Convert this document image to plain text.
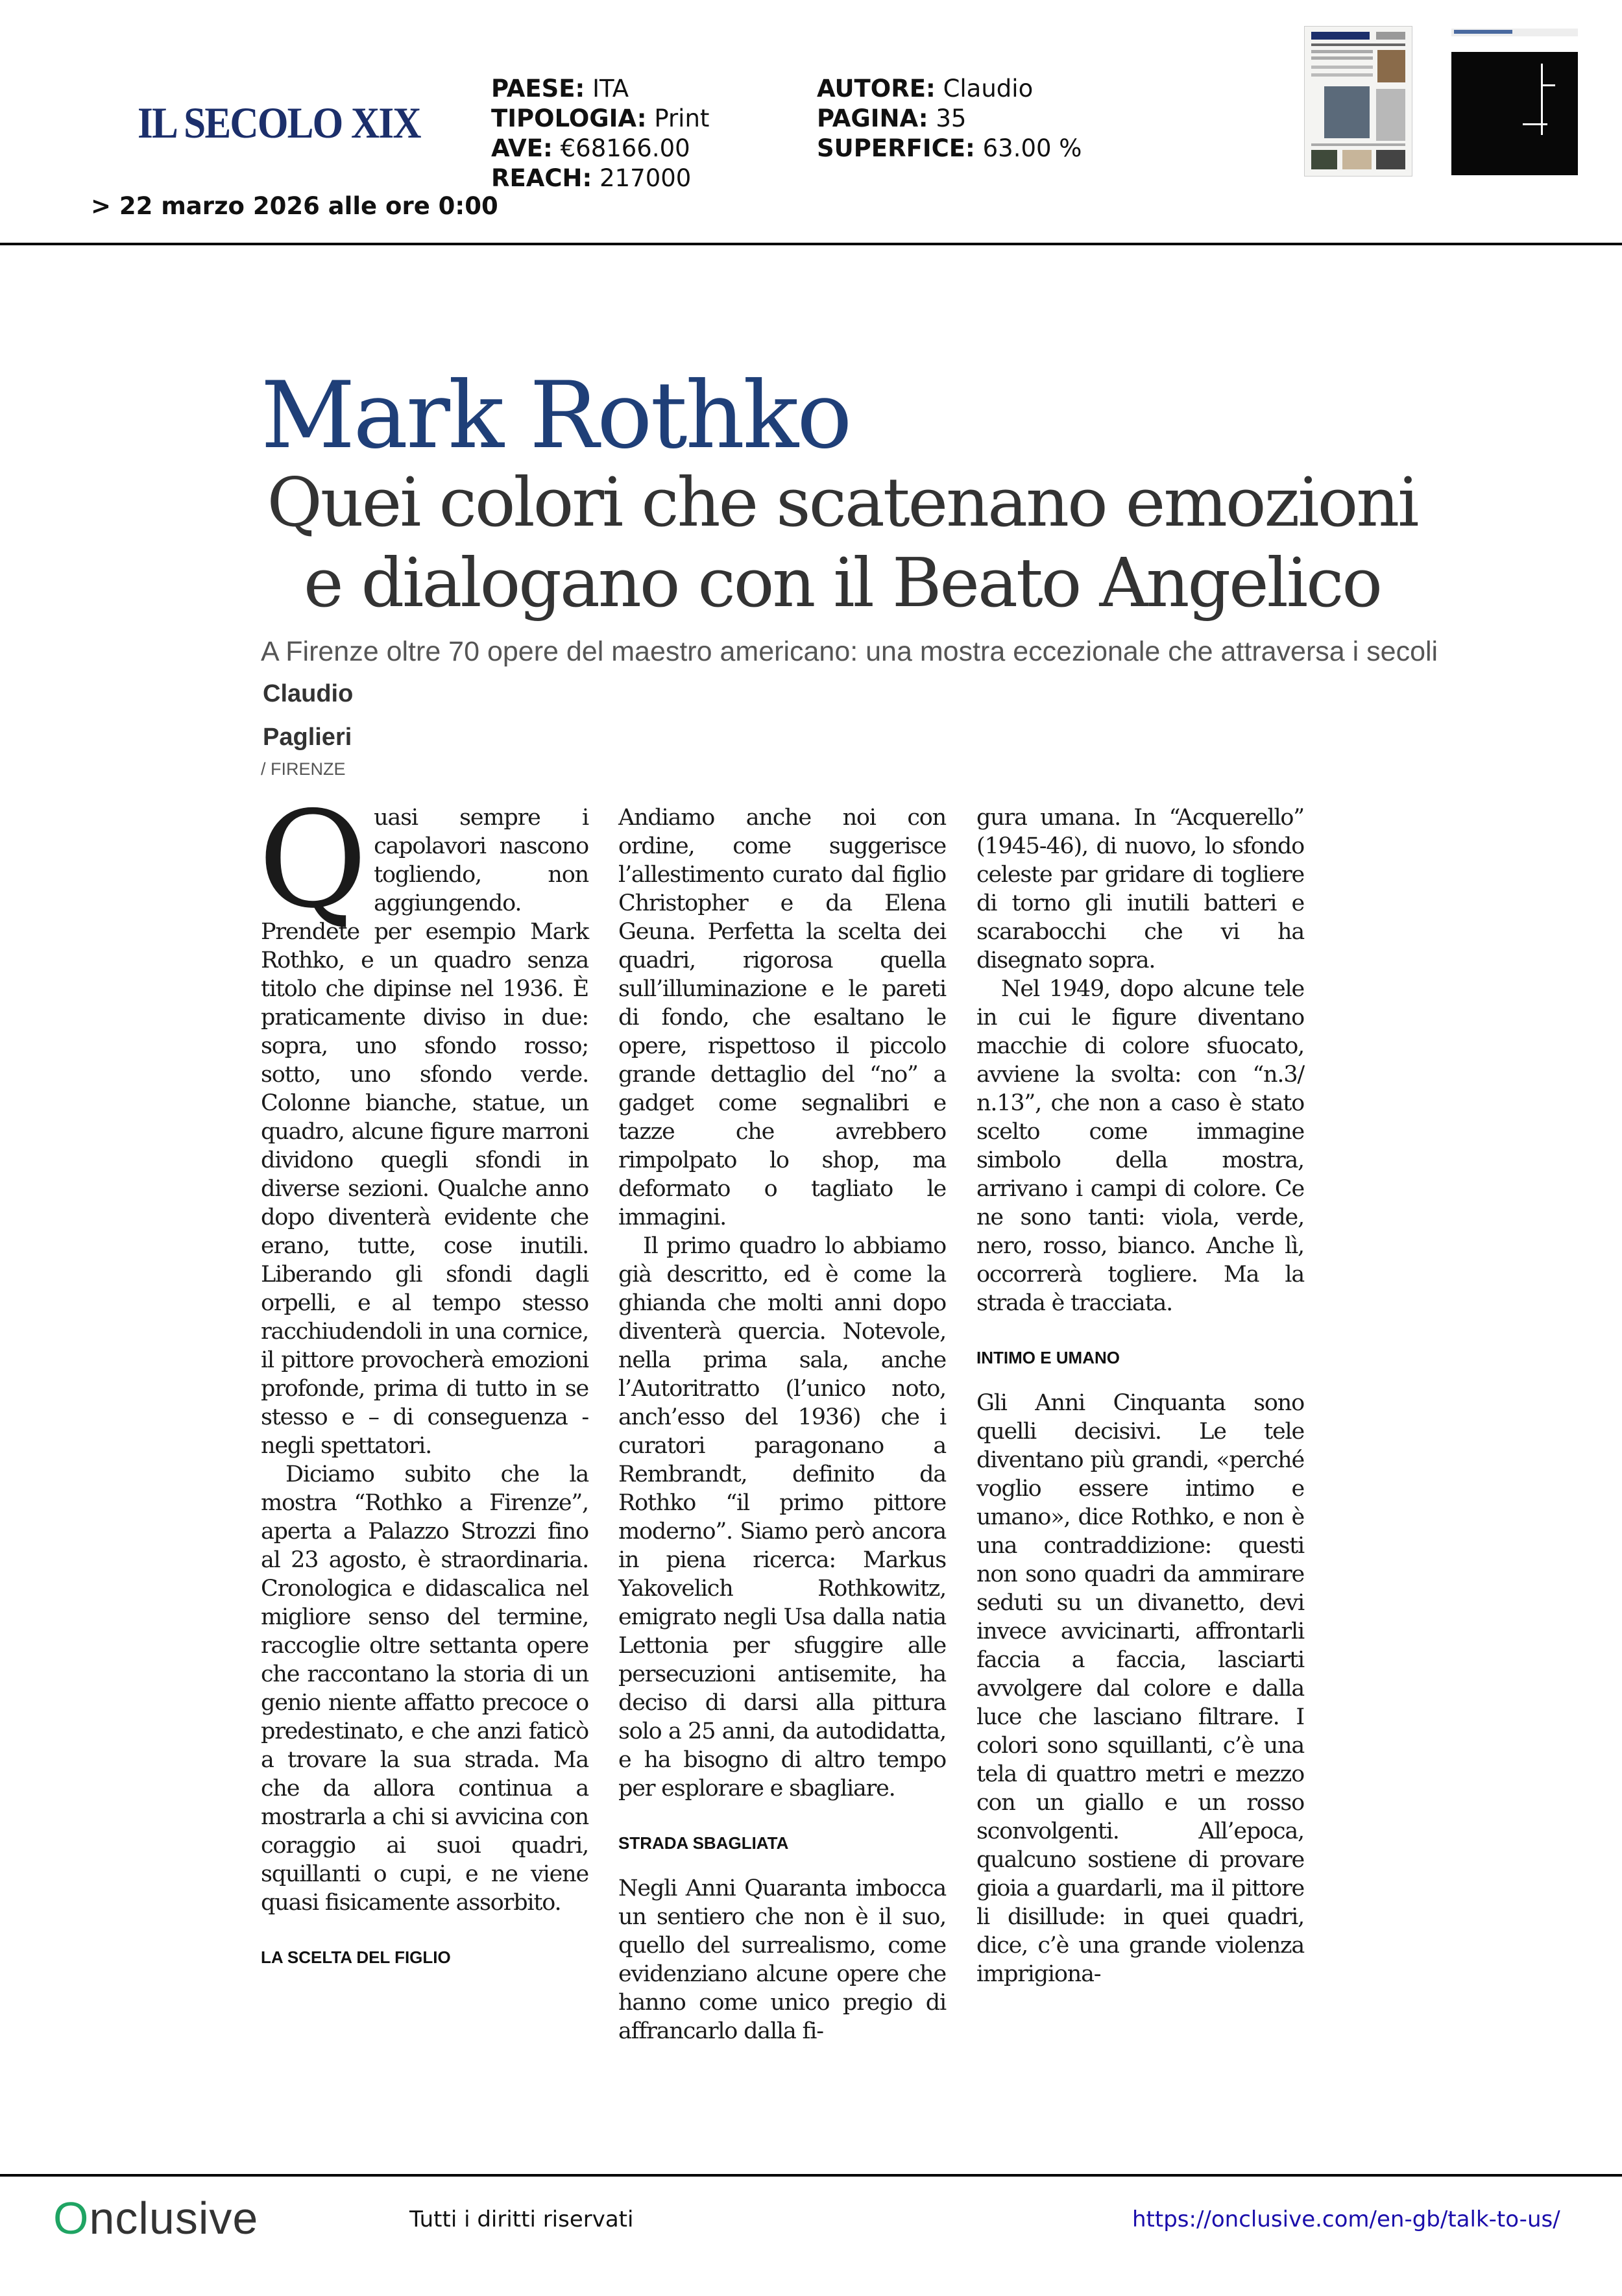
IL SECOLO XIX
> 22 marzo 2026 alle ore 0:00
PAESE: ITA
TIPOLOGIA: Print
AVE: €68166.00
REACH: 217000
AUTORE: Claudio
PAGINA: 35
SUPERFICE: 63.00 %
Mark Rothko
Quei colori che scatenano emozioni
e dialogano con il Beato Angelico
A Firenze oltre 70 opere del maestro americano: una mostra eccezionale che attraversa i secoli
Claudio
Paglieri
/ FIRENZE

Quasi sempre i capolavori nascono togliendo, non aggiungendo. Prendete per esempio Mark Rothko, e un quadro senza titolo che dipinse nel 1936. È praticamente diviso in due: sopra, uno sfondo rosso; sotto, uno sfondo verde. Colonne bianche, statue, un quadro, alcune figure marroni dividono quegli sfondi in diverse sezioni. Qualche anno dopo diventerà evidente che erano, tutte, cose inutili. Liberando gli sfondi dagli orpelli, e al tempo stesso racchiudendoli in una cornice, il pittore provocherà emozioni profonde, prima di tutto in se stesso e – di conseguenza - negli spettatori.

Diciamo subito che la mostra “Rothko a Firenze”, aperta a Palazzo Strozzi fino al 23 agosto, è straordinaria. Cronologica e didascalica nel migliore senso del termine, raccoglie oltre settanta opere che raccontano la storia di un genio niente affatto precoce o predestinato, e che anzi faticò a trovare la sua strada. Ma che da allora continua a mostrarla a chi si avvicina con coraggio ai suoi quadri, squillanti o cupi, e ne viene quasi fisicamente assorbito.

LA SCELTA DEL FIGLIO

Andiamo anche noi con ordine, come suggerisce l’allestimento curato dal figlio Christopher e da Elena Geuna. Perfetta la scelta dei quadri, rigorosa quella sull’illuminazione e le pareti di fondo, che esaltano le opere, rispettoso il piccolo grande dettaglio del “no” a gadget come segnalibri e tazze che avrebbero rimpolpato lo shop, ma deformato o tagliato le immagini.

Il primo quadro lo abbiamo già descritto, ed è come la ghianda che molti anni dopo diventerà quercia. Notevole, nella prima sala, anche l’Autoritratto (l’unico noto, anch’esso del 1936) che i curatori paragonano a Rembrandt, definito da Rothko “il primo pittore moderno”. Siamo però ancora in piena ricerca: Markus Yakovelich Rothkowitz, emigrato negli Usa dalla natia Lettonia per sfuggire alle persecuzioni antisemite, ha deciso di darsi alla pittura solo a 25 anni, da autodidatta, e ha bisogno di altro tempo per esplorare e sbagliare.

STRADA SBAGLIATA

Negli Anni Quaranta imbocca un sentiero che non è il suo, quello del surrealismo, come evidenziano alcune opere che hanno come unico pregio di affrancarlo dalla fi-

gura umana. In “Acquerello” (1945-46), di nuovo, lo sfondo celeste par gridare di togliere di torno gli inutili batteri e scarabocchi che vi ha disegnato sopra.

Nel 1949, dopo alcune tele in cui le figure diventano macchie di colore sfuocato, avviene la svolta: con “n.3/ n.13”, che non a caso è stato scelto come immagine simbolo della mostra, arrivano i campi di colore. Ce ne sono tanti: viola, verde, nero, rosso, bianco. Anche lì, occorrerà togliere. Ma la strada è tracciata.

INTIMO E UMANO

Gli Anni Cinquanta sono quelli decisivi. Le tele diventano più grandi, «perché voglio essere intimo e umano», dice Rothko, e non è una contraddizione: questi non sono quadri da ammirare seduti su un divanetto, devi invece avvicinarti, affrontarli faccia a faccia, lasciarti avvolgere dal colore e dalla luce che lasciano filtrare. I colori sono squillanti, c’è una tela di quattro metri e mezzo con un giallo e un rosso sconvolgenti. All’epoca, qualcuno sostiene di provare gioia a guardarli, ma il pittore li disillude: in quei quadri, dice, c’è una grande violenza imprigiona-

Onclusive	Tutti i diritti riservati	https://onclusive.com/en-gb/talk-to-us/
